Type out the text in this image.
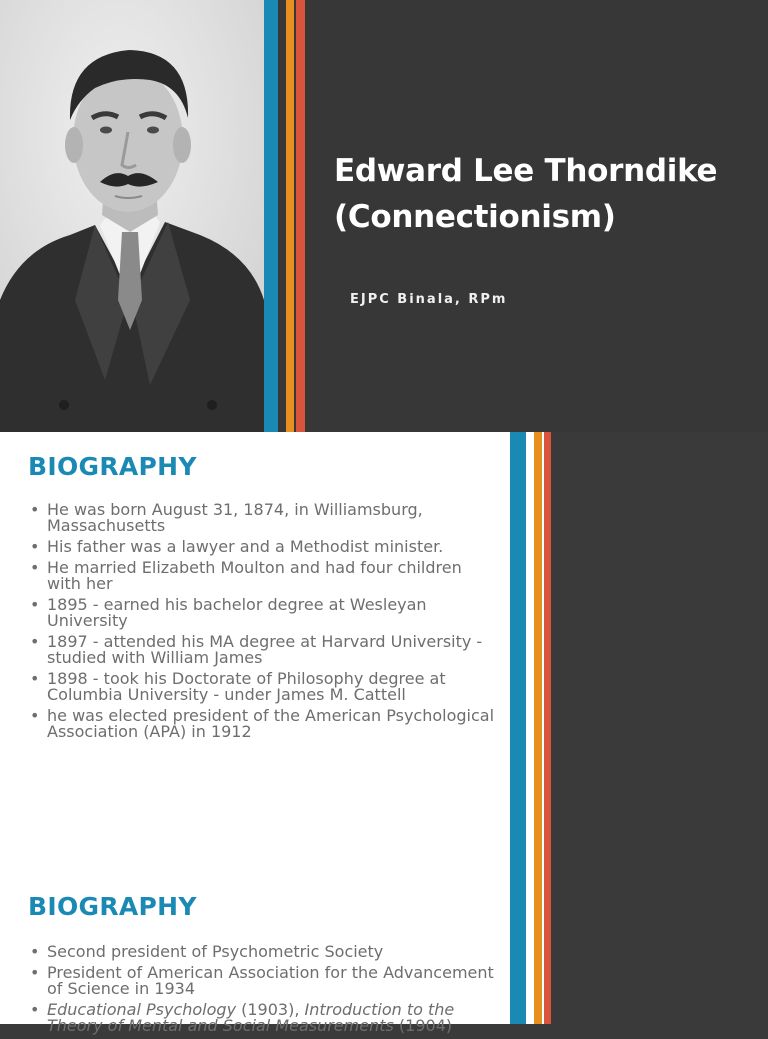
Edward Lee Thorndike
(Connectionism)
EJPC Binala, RPm
BIOGRAPHY
• He was born August 31, 1874, in Williamsburg, Massachusetts
• His father was a lawyer and a Methodist minister.
• He married Elizabeth Moulton and had four children with her
• 1895 - earned his bachelor degree at Wesleyan University
• 1897 - attended his MA degree at Harvard University - studied with William James
• 1898 - took his Doctorate of Philosophy degree at Columbia University - under James M. Cattell
• he was elected president of the American Psychological Association (APA) in 1912
BIOGRAPHY
• Second president of Psychometric Society
• President of American Association for the Advancement of Science in 1934
• Educational Psychology (1903), Introduction to the Theory of Mental and Social Measurements (1904)
